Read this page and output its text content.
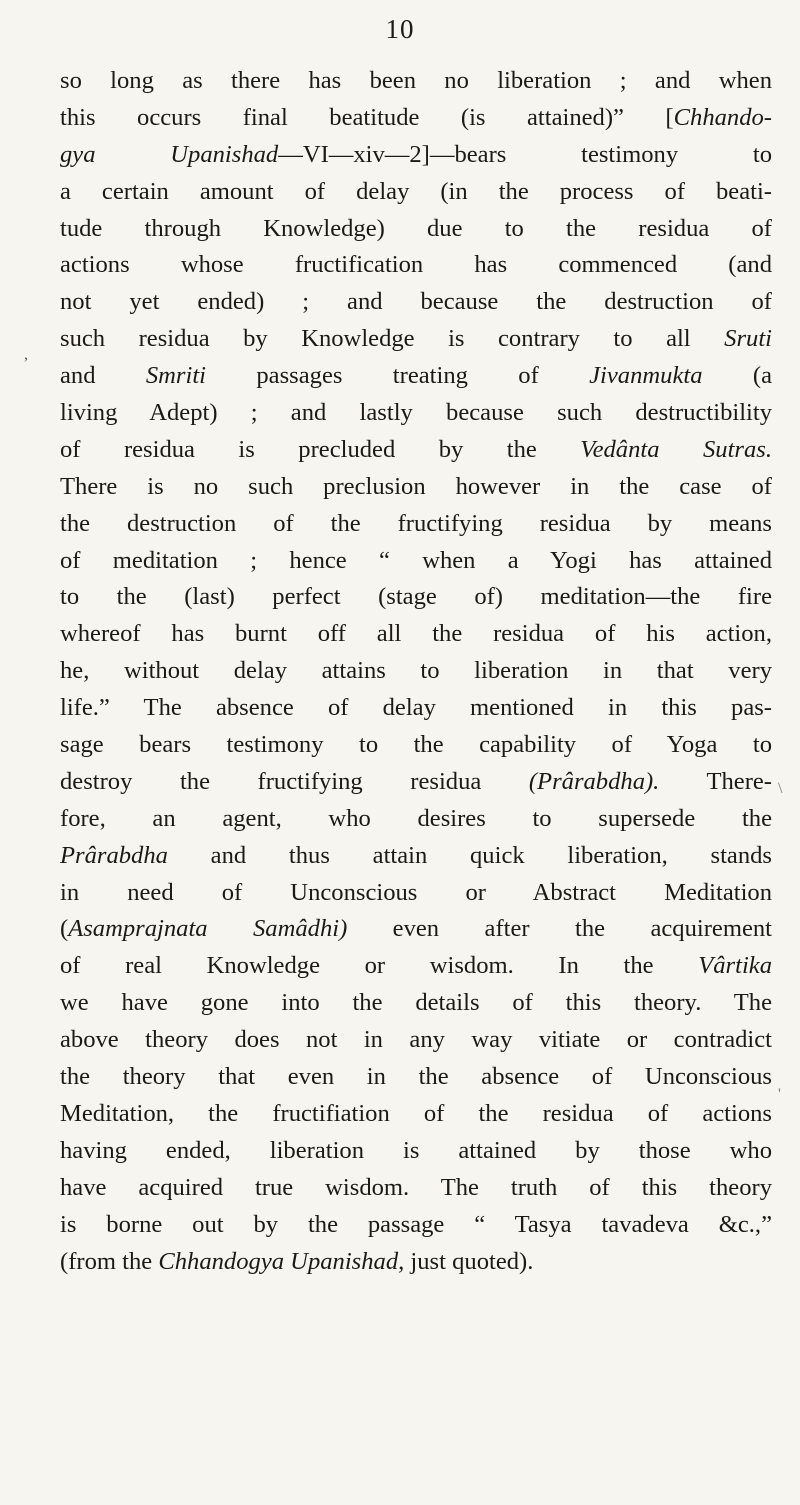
10
so long as there has been no liberation ; and when
this occurs final beatitude (is attained)” [Chhando-
gya Upanishad—VI—xiv—2]—bears testimony to
a certain amount of delay (in the process of beati-
tude through Knowledge) due to the residua of
actions whose fructification has commenced (and
not yet ended) ; and because the destruction of
such residua by Knowledge is contrary to all Sruti
and Smriti passages treating of Jivanmukta (a
living Adept) ; and lastly because such destructibility
of residua is precluded by the Vedânta Sutras.
There is no such preclusion however in the case of
the destruction of the fructifying residua by means
of meditation ; hence “ when a Yogi has attained
to the (last) perfect (stage of) meditation—the fire
whereof has burnt off all the residua of his action,
he, without delay attains to liberation in that very
life.” The absence of delay mentioned in this pas-
sage bears testimony to the capability of Yoga to
destroy the fructifying residua (Prârabdha). There-
fore, an agent, who desires to supersede the
Prârabdha and thus attain quick liberation, stands
in need of Unconscious or Abstract Meditation
(Asamprajnata Samâdhi) even after the acquirement
of real Knowledge or wisdom. In the Vârtika
we have gone into the details of this theory. The
above theory does not in any way vitiate or contradict
the theory that even in the absence of Unconscious
Meditation, the fructifiation of the residua of actions
having ended, liberation is attained by those who
have acquired true wisdom. The truth of this theory
is borne out by the passage “ Tasya tavadeva &c.,”
(from the Chhandogya Upanishad, just quoted).
,
\
'
